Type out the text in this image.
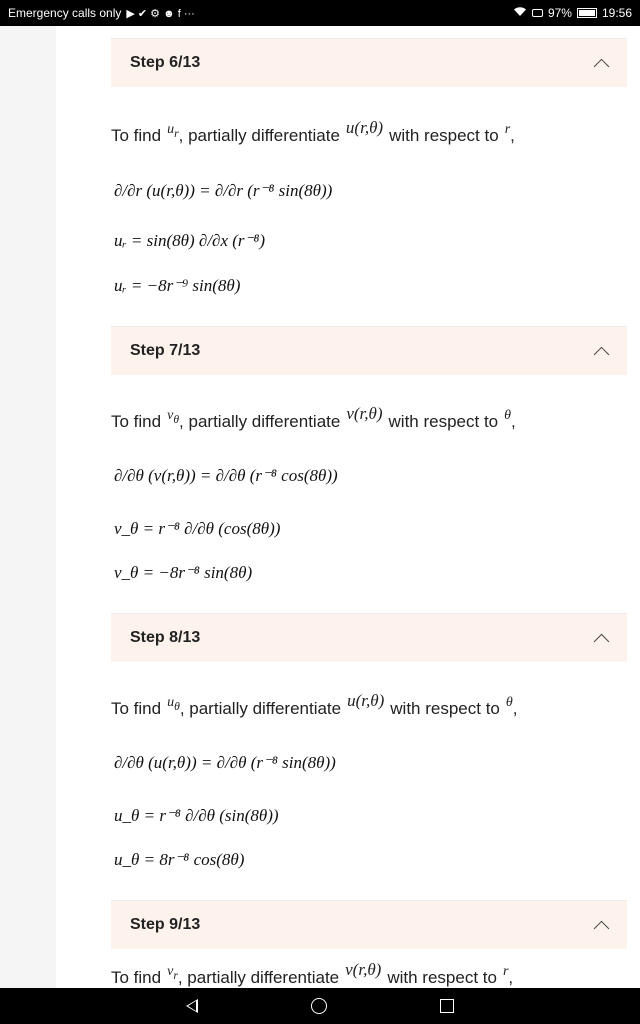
Emergency calls only ▶ ✔ ⚙ ☻ f ···	97%	19:56
Step 6/13
To find $u_r$ , partially differentiate u(r,θ) with respect to r ,
∂/∂r (u(r,θ)) = ∂/∂r (r⁻⁸ sin(8θ))
uᵣ = sin(8θ) ∂/∂x (r⁻⁸)
uᵣ = −8r⁻⁹ sin(8θ)
Step 7/13
To find $v_\theta$ , partially differentiate v(r,θ) with respect to θ ,
∂/∂θ (v(r,θ)) = ∂/∂θ (r⁻⁸ cos(8θ))
v_θ = r⁻⁸ ∂/∂θ (cos(8θ))
v_θ = −8r⁻⁸ sin(8θ)
Step 8/13
To find $u_\theta$ , partially differentiate u(r,θ) with respect to θ ,
∂/∂θ (u(r,θ)) = ∂/∂θ (r⁻⁸ sin(8θ))
u_θ = r⁻⁸ ∂/∂θ (sin(8θ))
u_θ = 8r⁻⁸ cos(8θ)
Step 9/13
To find $v_r$ , partially differentiate v(r,θ) with respect to r ,
